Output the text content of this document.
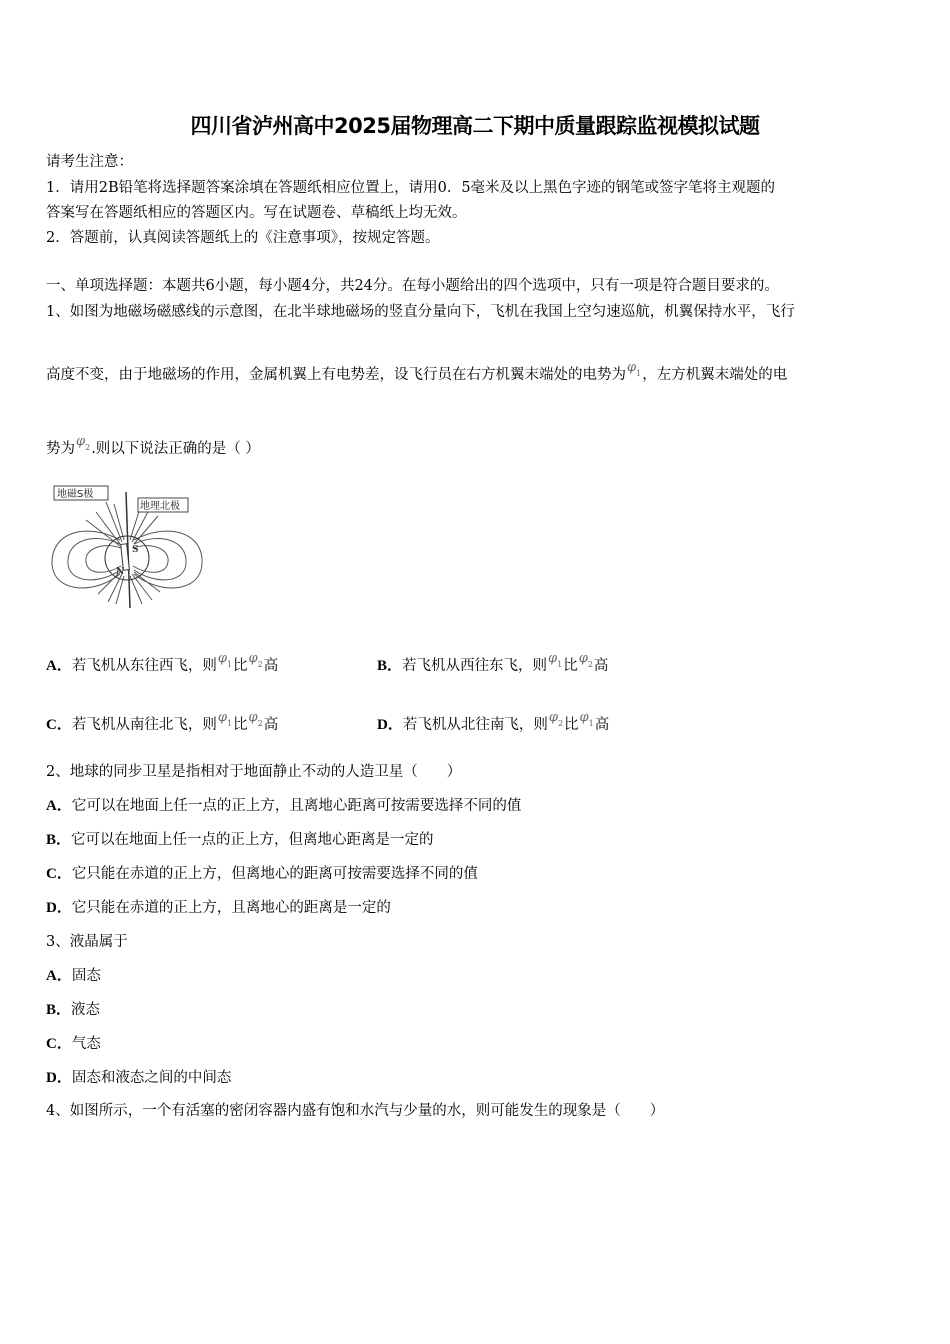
四川省泸州高中2025届物理高二下期中质量跟踪监视模拟试题
请考生注意：
1．请用2B铅笔将选择题答案涂填在答题纸相应位置上，请用0．5毫米及以上黑色字迹的钢笔或签字笔将主观题的
答案写在答题纸相应的答题区内。写在试题卷、草稿纸上均无效。
2．答题前，认真阅读答题纸上的《注意事项》，按规定答题。
一、单项选择题：本题共6小题，每小题4分，共24分。在每小题给出的四个选项中，只有一项是符合题目要求的。
1、如图为地磁场磁感线的示意图，在北半球地磁场的竖直分量向下，飞机在我国上空匀速巡航，机翼保持水平，飞行
高度不变，由于地磁场的作用，金属机翼上有电势差，设飞行员在右方机翼末端处的电势为$\varphi_1$，左方机翼末端处的电
势为$\varphi_2$.则以下说法正确的是（ ）
S
N
地磁S极
地理北极
A．若飞机从东往西飞，则$\varphi_1$比$\varphi_2$高	B．若飞机从西往东飞，则$\varphi_1$比$\varphi_2$高
C．若飞机从南往北飞，则$\varphi_1$比$\varphi_2$高	D．若飞机从北往南飞，则$\varphi_2$比$\varphi_1$高
2、地球的同步卫星是指相对于地面静止不动的人造卫星（　　）
A．它可以在地面上任一点的正上方，且离地心距离可按需要选择不同的值
B．它可以在地面上任一点的正上方，但离地心距离是一定的
C．它只能在赤道的正上方，但离地心的距离可按需要选择不同的值
D．它只能在赤道的正上方，且离地心的距离是一定的
3、液晶属于
A．固态
B．液态
C．气态
D．固态和液态之间的中间态
4、如图所示，一个有活塞的密闭容器内盛有饱和水汽与少量的水，则可能发生的现象是（　　）
